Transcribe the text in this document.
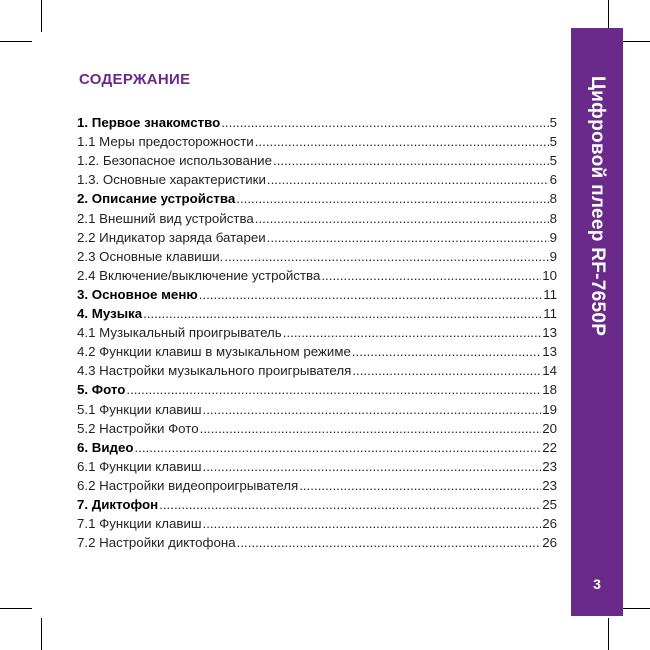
Цифровой плеер RF-7650P
3
СОДЕРЖАНИЕ
1. Первое знакомство .....	5
1.1 Меры предосторожности .....	5
1.2. Безопасное использование .....	5
1.3. Основные характеристики .....	6
2. Описание устройства .....	8
2.1 Внешний вид устройства .....	8
2.2 Индикатор заряда батареи .....	9
2.3 Основные клавиши. .....	9
2.4 Включение/выключение устройства .....	10
3. Основное меню .....	11
4. Музыка .....	11
4.1 Музыкальный проигрыватель .....	13
4.2 Функции клавиш в музыкальном режиме .....	13
4.3 Настройки музыкального проигрывателя .....	14
5. Фото .....	18
5.1 Функции клавиш .....	19
5.2 Настройки Фото .....	20
6. Видео .....	22
6.1 Функции клавиш .....	23
6.2 Настройки видеопроигрывателя .....	23
7. Диктофон .....	25
7.1 Функции клавиш .....	26
7.2 Настройки диктофона .....	26
